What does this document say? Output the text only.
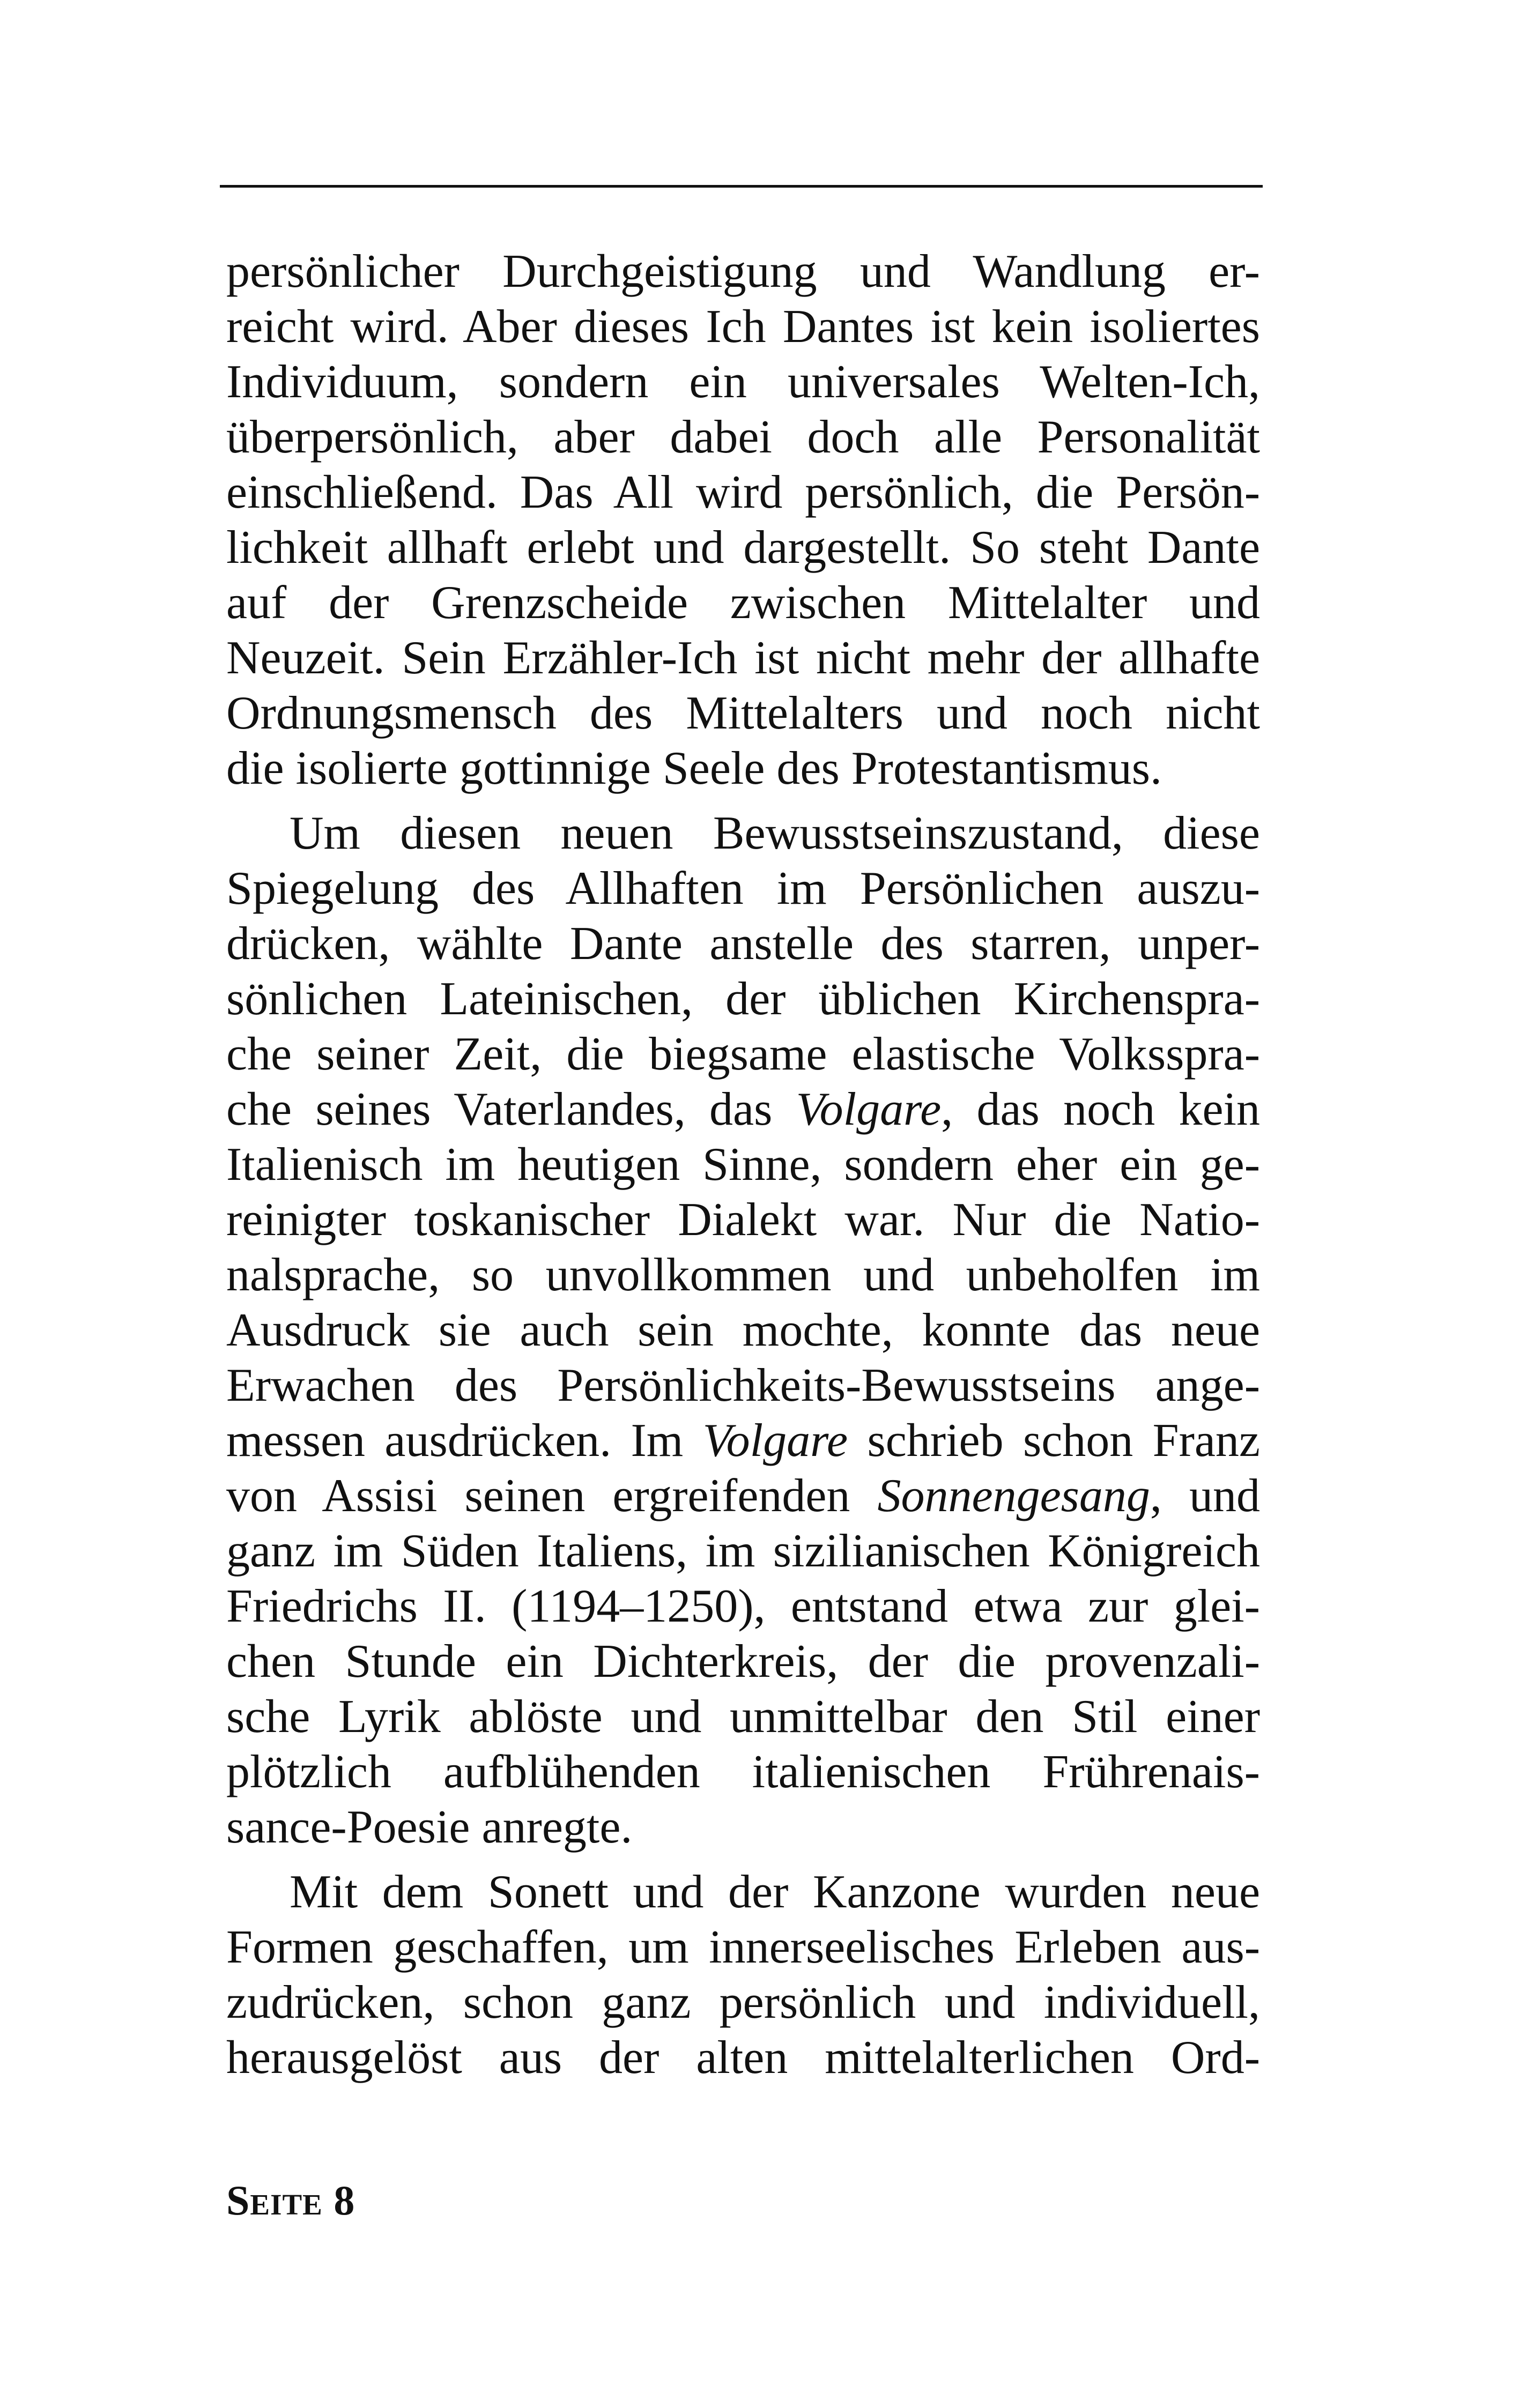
persönlicher Durchgeistigung und Wandlung er-
reicht wird. Aber dieses Ich Dantes ist kein isoliertes
Individuum, sondern ein universales Welten-Ich,
überpersönlich, aber dabei doch alle Personalität
einschließend. Das All wird persönlich, die Persön-
lichkeit allhaft erlebt und dargestellt. So steht Dante
auf der Grenzscheide zwischen Mittelalter und
Neuzeit. Sein Erzähler-Ich ist nicht mehr der allhafte
Ordnungsmensch des Mittelalters und noch nicht
die isolierte gottinnige Seele des Protestantismus.
Um diesen neuen Bewusstseinszustand, diese
Spiegelung des Allhaften im Persönlichen auszu-
drücken, wählte Dante anstelle des starren, unper-
sönlichen Lateinischen, der üblichen Kirchenspra-
che seiner Zeit, die biegsame elastische Volksspra-
che seines Vaterlandes, das Volgare, das noch kein
Italienisch im heutigen Sinne, sondern eher ein ge-
reinigter toskanischer Dialekt war. Nur die Natio-
nalsprache, so unvollkommen und unbeholfen im
Ausdruck sie auch sein mochte, konnte das neue
Erwachen des Persönlichkeits-Bewusstseins ange-
messen ausdrücken. Im Volgare schrieb schon Franz
von Assisi seinen ergreifenden Sonnengesang, und
ganz im Süden Italiens, im sizilianischen Königreich
Friedrichs II. (1194–1250), entstand etwa zur glei-
chen Stunde ein Dichterkreis, der die provenzali-
sche Lyrik ablöste und unmittelbar den Stil einer
plötzlich aufblühenden italienischen Frührenais-
sance-Poesie anregte.
Mit dem Sonett und der Kanzone wurden neue
Formen geschaffen, um innerseelisches Erleben aus-
zudrücken, schon ganz persönlich und individuell,
herausgelöst aus der alten mittelalterlichen Ord-
Seite 8
